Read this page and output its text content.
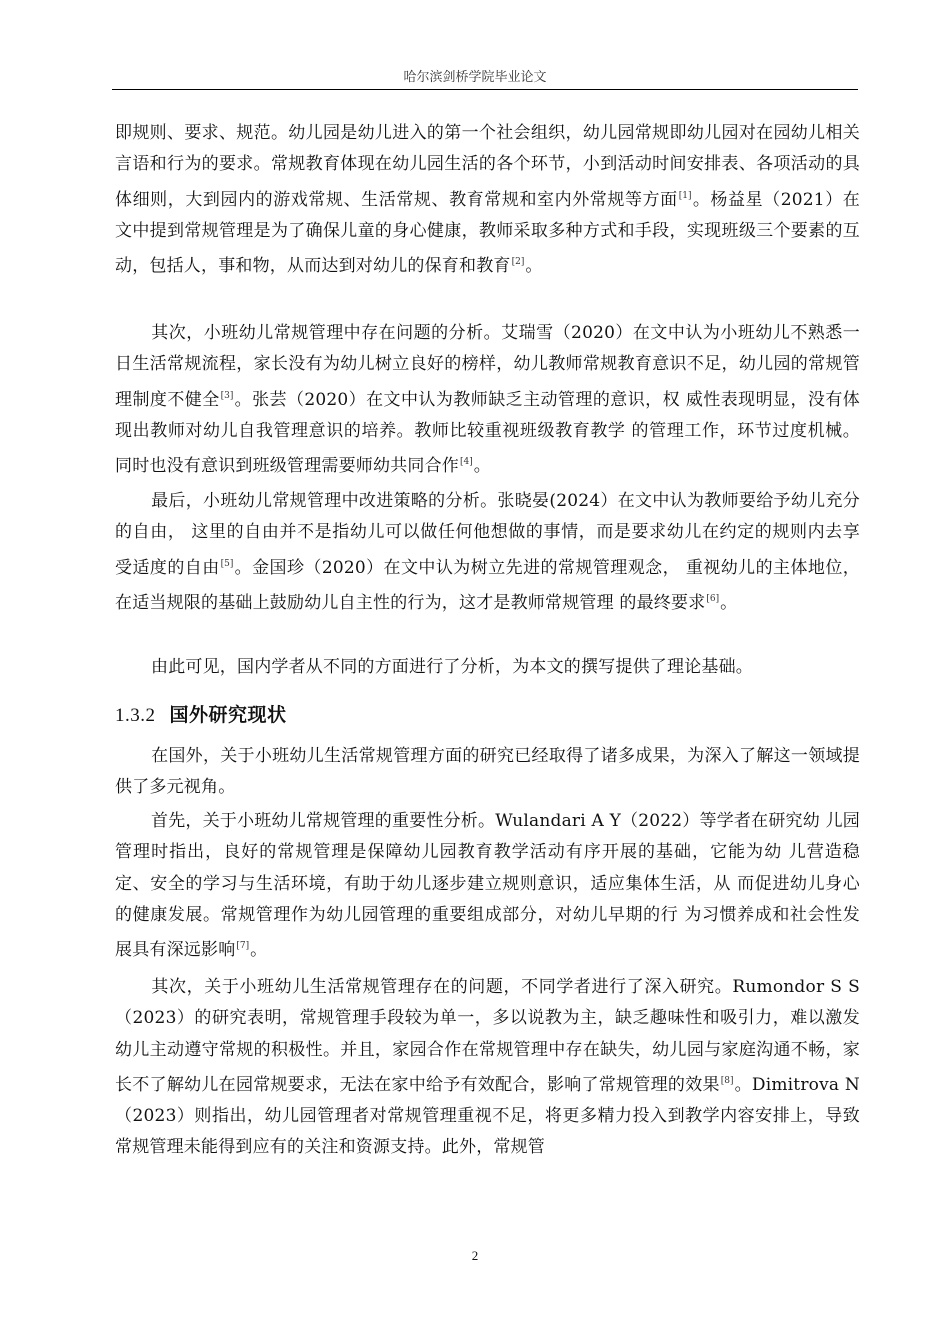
哈尔滨剑桥学院毕业论文

即规则、要求、规范。幼儿园是幼儿进入的第一个社会组织，幼儿园常规即幼儿园对在园幼儿相关言语和行为的要求。常规教育体现在幼儿园生活的各个环节，小到活动时间安排表、各项活动的具体细则，大到园内的游戏常规、生活常规、教育常规和室内外常规等方面[1]。杨益星（2021）在文中提到常规管理是为了确保儿童的身心健康，教师采取多种方式和手段，实现班级三个要素的互动，包括人，事和物，从而达到对幼儿的保育和教育[2]。

其次，小班幼儿常规管理中存在问题的分析。艾瑞雪（2020）在文中认为小班幼儿不熟悉一日生活常规流程，家长没有为幼儿树立良好的榜样，幼儿教师常规教育意识不足，幼儿园的常规管理制度不健全[3]。张芸（2020）在文中认为教师缺乏主动管理的意识，权 威性表现明显，没有体现出教师对幼儿自我管理意识的培养。教师比较重视班级教育教学 的管理工作，环节过度机械。同时也没有意识到班级管理需要师幼共同合作[4]。

最后，小班幼儿常规管理中改进策略的分析。张晓晏(2024）在文中认为教师要给予幼儿充分的自由， 这里的自由并不是指幼儿可以做任何他想做的事情，而是要求幼儿在约定的规则内去享受适度的自由[5]。金国珍（2020）在文中认为树立先进的常规管理观念， 重视幼儿的主体地位，在适当规限的基础上鼓励幼儿自主性的行为，这才是教师常规管理 的最终要求[6]。

由此可见，国内学者从不同的方面进行了分析，为本文的撰写提供了理论基础。

1.3.2 国外研究现状

在国外，关于小班幼儿生活常规管理方面的研究已经取得了诸多成果，为深入了解这一领域提供了多元视角。

首先，关于小班幼儿常规管理的重要性分析。Wulandari A Y（2022）等学者在研究幼 儿园管理时指出，良好的常规管理是保障幼儿园教育教学活动有序开展的基础，它能为幼 儿营造稳定、安全的学习与生活环境，有助于幼儿逐步建立规则意识，适应集体生活，从 而促进幼儿身心的健康发展。常规管理作为幼儿园管理的重要组成部分，对幼儿早期的行 为习惯养成和社会性发展具有深远影响[7]。

其次，关于小班幼儿生活常规管理存在的问题，不同学者进行了深入研究。Rumondor S S（2023）的研究表明，常规管理手段较为单一，多以说教为主，缺乏趣味性和吸引力，难以激发幼儿主动遵守常规的积极性。并且，家园合作在常规管理中存在缺失，幼儿园与家庭沟通不畅，家长不了解幼儿在园常规要求，无法在家中给予有效配合，影响了常规管理的效果[8]。Dimitrova N（2023）则指出，幼儿园管理者对常规管理重视不足，将更多精力投入到教学内容安排上，导致常规管理未能得到应有的关注和资源支持。此外，常规管

2
